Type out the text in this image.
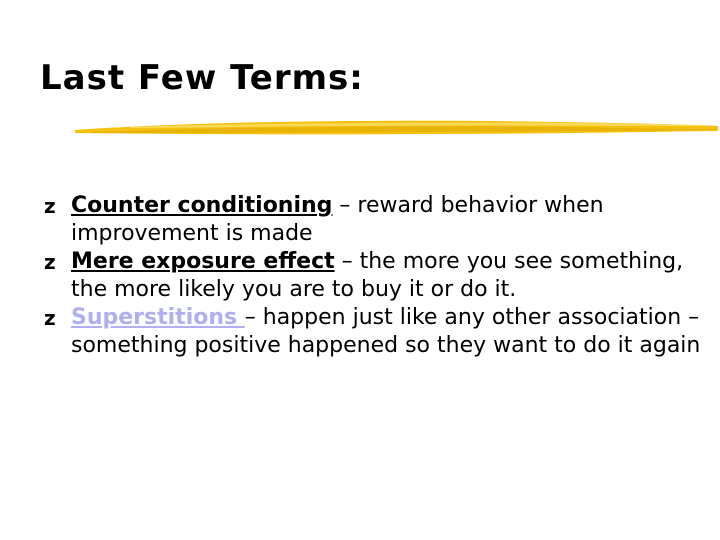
Last Few Terms:
z Counter conditioning – reward behavior when improvement is made
z Mere exposure effect – the more you see something, the more likely you are to buy it or do it.
z Superstitions – happen just like any other association – something positive happened so they want to do it again
